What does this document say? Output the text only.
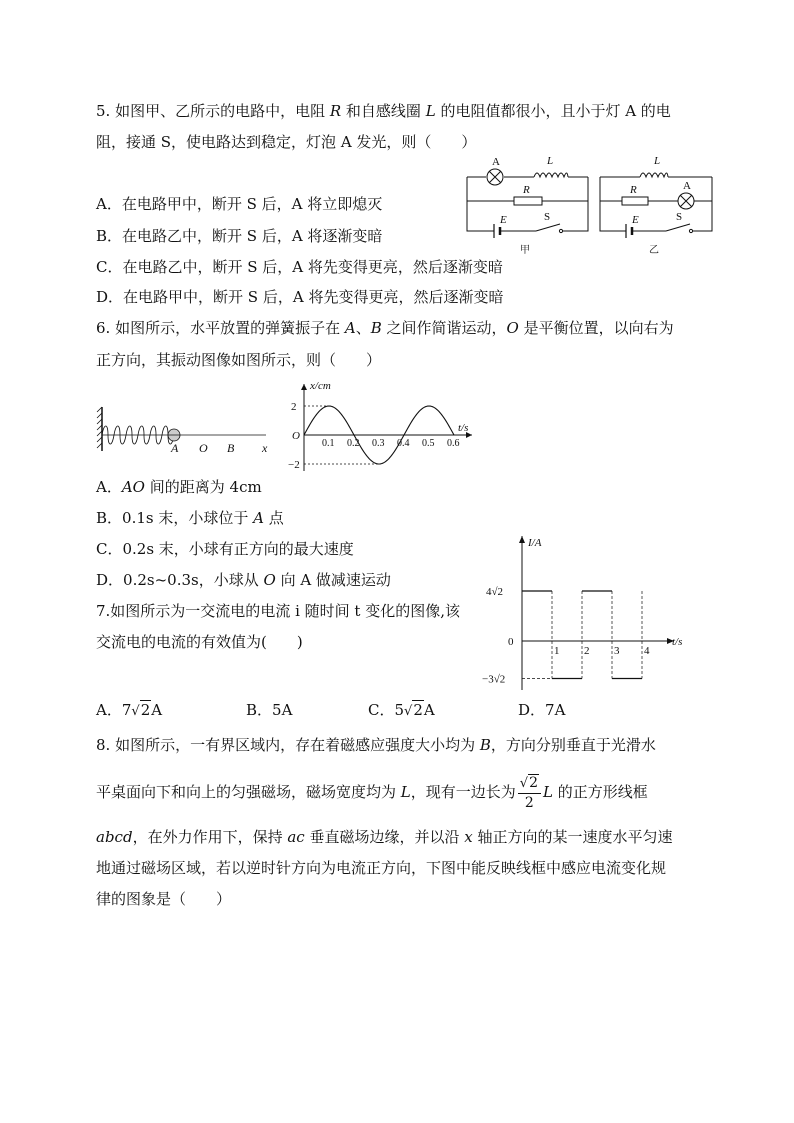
5. 如图甲、乙所示的电路中，电阻 R 和自感线圈 L 的电阻值都很小，且小于灯 A 的电
阻，接通 S，使电路达到稳定，灯泡 A 发光，则（　　）
A．在电路甲中，断开 S 后，A 将立即熄灭
B．在电路乙中，断开 S 后，A 将逐渐变暗
C．在电路乙中，断开 S 后，A 将先变得更亮，然后逐渐变暗
D．在电路甲中，断开 S 后，A 将先变得更亮，然后逐渐变暗
A	L
R
E	S
甲
L
R	A
E	S
乙
6. 如图所示，水平放置的弹簧振子在 A、B 之间作简谐运动，O 是平衡位置，以向右为
正方向，其振动图像如图所示，则（　　）
A O B x
x/cm
t/s
O
0.1 0.2 0.3 0.4 0.5 0.6
2
−2
A．AO 间的距离为 4cm
B．0.1s 末，小球位于 A 点
C．0.2s 末，小球有正方向的最大速度
D．0.2s~0.3s，小球从 O 向 A 做减速运动
7.如图所示为一交流电的电流 i 随时间 t 变化的图像,该
交流电的电流的有效值为(　　)
I/A
t/s
0
4√2
−3√2
1 2 3 4
A．7√2A	B．5A	C．5√2A	D．7A
8. 如图所示，一有界区域内，存在着磁感应强度大小均为 B，方向分别垂直于光滑水
平桌面向下和向上的匀强磁场，磁场宽度均为 L，现有一边长为 $\frac{√2}{2}$ L 的正方形线框
abcd，在外力作用下，保持 ac 垂直磁场边缘，并以沿 x 轴正方向的某一速度水平匀速
地通过磁场区域，若以逆时针方向为电流正方向，下图中能反映线框中感应电流变化规
律的图象是（　　）
